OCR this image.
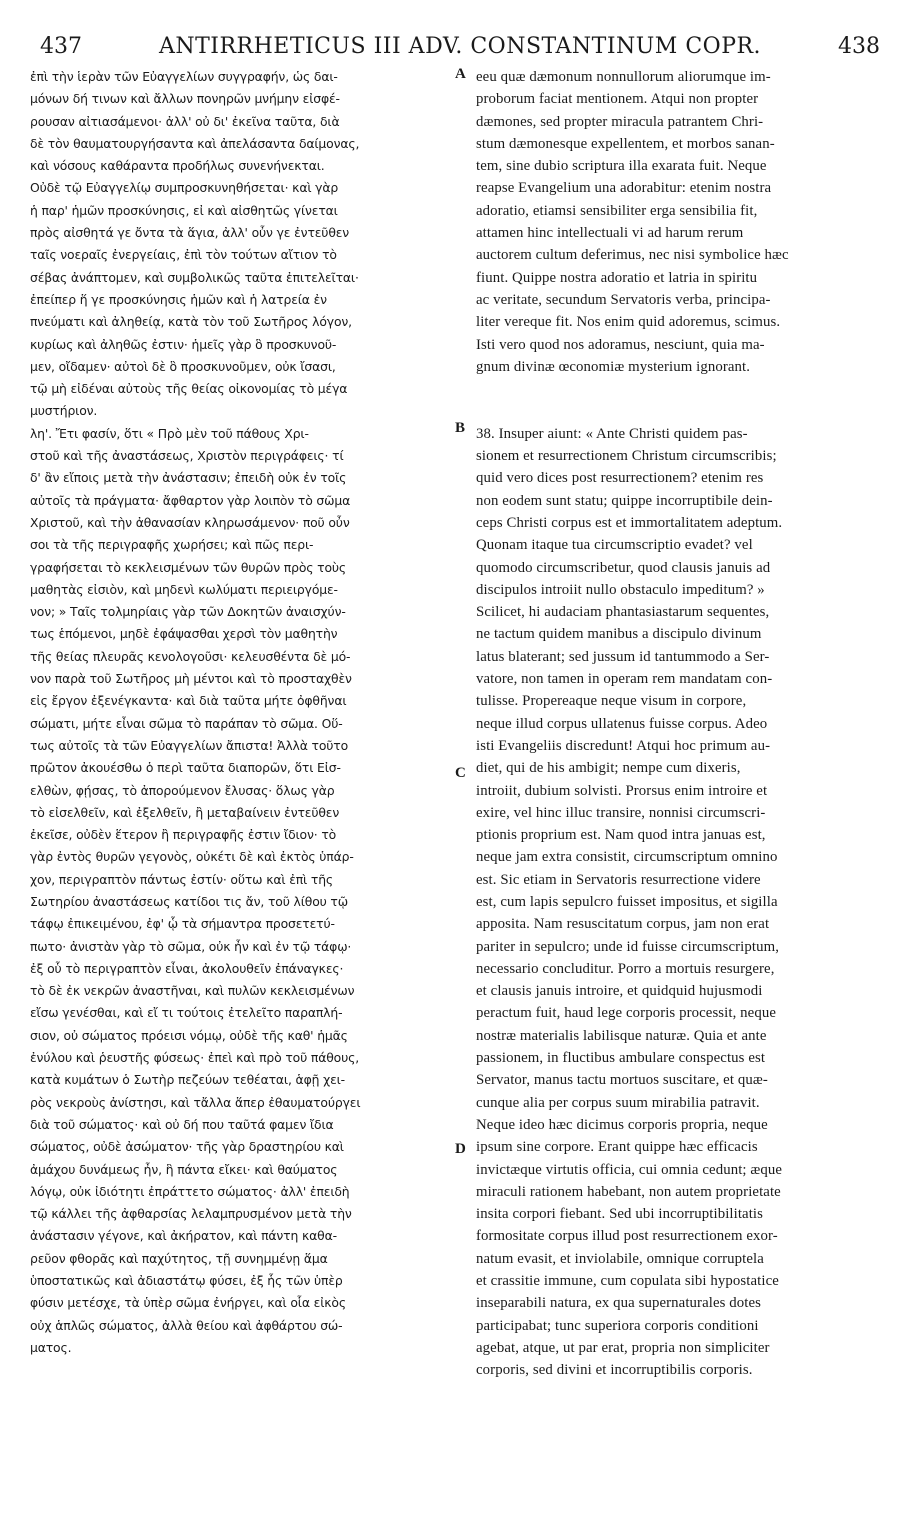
437	ANTIRRHETICUS III ADV. CONSTANTINUM COPR.	438
A
B
C
D
ἐπὶ τὴν ἱερὰν τῶν Εὐαγγελίων συγγραφήν, ὡς δαι-
μόνων δή τινων καὶ ἄλλων πονηρῶν μνήμην εἰσφέ-
ρουσαν αἰτιασάμενοι· ἀλλ' οὐ δι' ἐκεῖνα ταῦτα, διὰ
δὲ τὸν θαυματουργήσαντα καὶ ἀπελάσαντα δαίμονας,
καὶ νόσους καθάραντα προδήλως συνενήνεκται.
Οὐδὲ τῷ Εὐαγγελίῳ συμπροσκυνηθήσεται· καὶ γὰρ
ἡ παρ' ἡμῶν προσκύνησις, εἰ καὶ αἰσθητῶς γίνεται
πρὸς αἰσθητά γε ὄντα τὰ ἅγια, ἀλλ' οὖν γε ἐντεῦθεν
ταῖς νοεραῖς ἐνεργείαις, ἐπὶ τὸν τούτων αἴτιον τὸ
σέβας ἀνάπτομεν, καὶ συμβολικῶς ταῦτα ἐπιτελεῖται·
ἐπείπερ ἥ γε προσκύνησις ἡμῶν καὶ ἡ λατρεία ἐν
πνεύματι καὶ ἀληθείᾳ, κατὰ τὸν τοῦ Σωτῆρος λόγον,
κυρίως καὶ ἀληθῶς ἐστιν· ἡμεῖς γὰρ ὃ προσκυνοῦ-
μεν, οἴδαμεν· αὐτοὶ δὲ ὃ προσκυνοῦμεν, οὐκ ἴσασι,
τῷ μὴ εἰδέναι αὐτοὺς τῆς θείας οἰκονομίας τὸ μέγα
μυστήριον.
λη'. Ἔτι φασίν, ὅτι « Πρὸ μὲν τοῦ πάθους Χρι-
στοῦ καὶ τῆς ἀναστάσεως, Χριστὸν περιγράφεις· τί
δ' ἂν εἴποις μετὰ τὴν ἀνάστασιν; ἐπειδὴ οὐκ ἐν τοῖς
αὐτοῖς τὰ πράγματα· ἄφθαρτον γὰρ λοιπὸν τὸ σῶμα
Χριστοῦ, καὶ τὴν ἀθανασίαν κληρωσάμενον· ποῦ οὖν
σοι τὰ τῆς περιγραφῆς χωρήσει; καὶ πῶς περι-
γραφήσεται τὸ κεκλεισμένων τῶν θυρῶν πρὸς τοὺς
μαθητὰς εἰσιὸν, καὶ μηδενὶ κωλύματι περιειργόμε-
νον; » Ταῖς τολμηρίαις γὰρ τῶν Δοκητῶν ἀναισχύν-
τως ἑπόμενοι, μηδὲ ἐφάψασθαι χερσὶ τὸν μαθητὴν
τῆς θείας πλευρᾶς κενολογοῦσι· κελευσθέντα δὲ μό-
νον παρὰ τοῦ Σωτῆρος μὴ μέντοι καὶ τὸ προσταχθὲν
εἰς ἔργον ἐξενέγκαντα· καὶ διὰ ταῦτα μήτε ὀφθῆναι
σώματι, μήτε εἶναι σῶμα τὸ παράπαν τὸ σῶμα. Οὕ-
τως αὐτοῖς τὰ τῶν Εὐαγγελίων ἄπιστα! Ἀλλὰ τοῦτο
πρῶτον ἀκουέσθω ὁ περὶ ταῦτα διαπορῶν, ὅτι Εἰσ-
ελθὼν, φῄσας, τὸ ἀπορούμενον ἔλυσας· ὅλως γὰρ
τὸ εἰσελθεῖν, καὶ ἐξελθεῖν, ἢ μεταβαίνειν ἐντεῦθεν
ἐκεῖσε, οὐδὲν ἕτερον ἢ περιγραφῆς ἐστιν ἴδιον· τὸ
γὰρ ἐντὸς θυρῶν γεγονὸς, οὐκέτι δὲ καὶ ἐκτὸς ὑπάρ-
χον, περιγραπτὸν πάντως ἐστίν· οὕτω καὶ ἐπὶ τῆς
Σωτηρίου ἀναστάσεως κατίδοι τις ἄν, τοῦ λίθου τῷ
τάφῳ ἐπικειμένου, ἐφ' ᾧ τὰ σήμαντρα προσετετύ-
πωτο· ἀνιστὰν γὰρ τὸ σῶμα, οὐκ ἦν καὶ ἐν τῷ τάφῳ·
ἐξ οὗ τὸ περιγραπτὸν εἶναι, ἀκολουθεῖν ἐπάναγκες·
τὸ δὲ ἐκ νεκρῶν ἀναστῆναι, καὶ πυλῶν κεκλεισμένων
εἴσω γενέσθαι, καὶ εἴ τι τούτοις ἐτελεῖτο παραπλή-
σιον, οὐ σώματος πρόεισι νόμῳ, οὐδὲ τῆς καθ' ἡμᾶς
ἐνύλου καὶ ῥευστῆς φύσεως· ἐπεὶ καὶ πρὸ τοῦ πάθους,
κατὰ κυμάτων ὁ Σωτὴρ πεζεύων τεθέαται, ἁφῇ χει-
ρὸς νεκροὺς ἀνίστησι, καὶ τἄλλα ἅπερ ἐθαυματούργει
διὰ τοῦ σώματος· καὶ οὐ δή που ταῦτά φαμεν ἴδια
σώματος, οὐδὲ ἀσώματον· τῆς γὰρ δραστηρίου καὶ
ἀμάχου δυνάμεως ἦν, ἣ πάντα εἴκει· καὶ θαύματος
λόγῳ, οὐκ ἰδιότητι ἐπράττετο σώματος· ἀλλ' ἐπειδὴ
τῷ κάλλει τῆς ἀφθαρσίας λελαμπρυσμένον μετὰ τὴν
ἀνάστασιν γέγονε, καὶ ἀκήρατον, καὶ πάντη καθα-
ρεῦον φθορᾶς καὶ παχύτητος, τῇ συνημμένῃ ἅμα
ὑποστατικῶς καὶ ἀδιαστάτῳ φύσει, ἐξ ἧς τῶν ὑπὲρ
φύσιν μετέσχε, τὰ ὑπὲρ σῶμα ἐνήργει, καὶ οἷα εἰκὸς
οὐχ ἁπλῶς σώματος, ἀλλὰ θείου καὶ ἀφθάρτου σώ-
ματος.
eeu quæ dæmonum nonnullorum aliorumque im-
proborum faciat mentionem. Atqui non propter
dæmones, sed propter miracula patrantem Chri-
stum dæmonesque expellentem, et morbos sanan-
tem, sine dubio scriptura illa exarata fuit. Neque
reapse Evangelium una adorabitur: etenim nostra
adoratio, etiamsi sensibiliter erga sensibilia fit,
attamen hinc intellectuali vi ad harum rerum
auctorem cultum deferimus, nec nisi symbolice hæc
fiunt. Quippe nostra adoratio et latria in spiritu
ac veritate, secundum Servatoris verba, principa-
liter vereque fit. Nos enim quid adoremus, scimus.
Isti vero quod nos adoramus, nesciunt, quia ma-
gnum divinæ œconomiæ mysterium ignorant.
38. Insuper aiunt: « Ante Christi quidem pas-
sionem et resurrectionem Christum circumscribis;
quid vero dices post resurrectionem? etenim res
non eodem sunt statu; quippe incorruptibile dein-
ceps Christi corpus est et immortalitatem adeptum.
Quonam itaque tua circumscriptio evadet? vel
quomodo circumscribetur, quod clausis januis ad
discipulos introiit nullo obstaculo impeditum? »
Scilicet, hi audaciam phantasiastarum sequentes,
ne tactum quidem manibus a discipulo divinum
latus blaterant; sed jussum id tantummodo a Ser-
vatore, non tamen in operam rem mandatam con-
tulisse. Propereaque neque visum in corpore,
neque illud corpus ullatenus fuisse corpus. Adeo
isti Evangeliis discredunt! Atqui hoc primum au-
diet, qui de his ambigit; nempe cum dixeris,
introiit, dubium solvisti. Prorsus enim introire et
exire, vel hinc illuc transire, nonnisi circumscri-
ptionis proprium est. Nam quod intra januas est,
neque jam extra consistit, circumscriptum omnino
est. Sic etiam in Servatoris resurrectione videre
est, cum lapis sepulcro fuisset impositus, et sigilla
apposita. Nam resuscitatum corpus, jam non erat
pariter in sepulcro; unde id fuisse circumscriptum,
necessario concluditur. Porro a mortuis resurgere,
et clausis januis introire, et quidquid hujusmodi
peractum fuit, haud lege corporis processit, neque
nostræ materialis labilisque naturæ. Quia et ante
passionem, in fluctibus ambulare conspectus est
Servator, manus tactu mortuos suscitare, et quæ-
cunque alia per corpus suum mirabilia patravit.
Neque ideo hæc dicimus corporis propria, neque
ipsum sine corpore. Erant quippe hæc efficacis
invictæque virtutis officia, cui omnia cedunt; æque
miraculi rationem habebant, non autem proprietate
insita corpori fiebant. Sed ubi incorruptibilitatis
formositate corpus illud post resurrectionem exor-
natum evasit, et inviolabile, omnique corruptela
et crassitie immune, cum copulata sibi hypostatice
inseparabili natura, ex qua supernaturales dotes
participabat; tunc superiora corporis conditioni
agebat, atque, ut par erat, propria non simpliciter
corporis, sed divini et incorruptibilis corporis.
